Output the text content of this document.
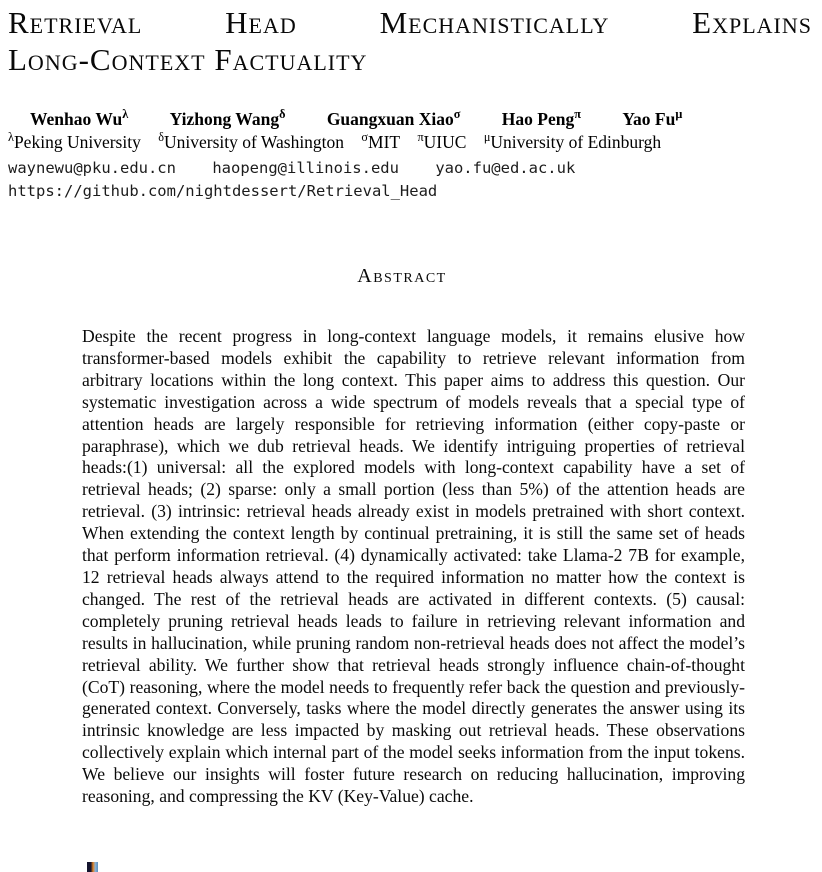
Retrieval Head Mechanistically Explains
Long-Context Factuality
Wenhao $Wu^\lambda$ Yizhong Wang$^\delta$ Guangxuan Xiao$^\sigma$ Hao Peng$^\pi$ Yao $Fu^\mu$
$^\lambda$Peking University $^\delta$University of Washington $^\sigma$MIT $^\pi$UIUC $^\mu$University of Edinburgh
waynewu@pku.edu.cn haopeng@illinois.edu yao.fu@ed.ac.uk
https://github.com/nightdessert/Retrieval_Head
Abstract
Despite the recent progress in long-context language models, it remains elusive how transformer-based models exhibit the capability to retrieve relevant information from arbitrary locations within the long context. This paper aims to address this question. Our systematic investigation across a wide spectrum of models reveals that a special type of attention heads are largely responsible for retrieving information (either copy-paste or paraphrase), which we dub retrieval heads. We identify intriguing properties of retrieval heads:(1) universal: all the explored models with long-context capability have a set of retrieval heads; (2) sparse: only a small portion (less than 5%) of the attention heads are retrieval. (3) intrinsic: retrieval heads already exist in models pretrained with short context. When extending the context length by continual pretraining, it is still the same set of heads that perform information retrieval. (4) dynamically activated: take Llama-2 7B for example, 12 retrieval heads always attend to the required information no matter how the context is changed. The rest of the retrieval heads are activated in different contexts. (5) causal: completely pruning retrieval heads leads to failure in retrieving relevant information and results in hallucination, while pruning random non-retrieval heads does not affect the model’s retrieval ability. We further show that retrieval heads strongly influence chain-of-thought (CoT) reasoning, where the model needs to frequently refer back the question and previously-generated context. Conversely, tasks where the model directly generates the answer using its intrinsic knowledge are less impacted by masking out retrieval heads. These observations collectively explain which internal part of the model seeks information from the input tokens. We believe our insights will foster future research on reducing hallucination, improving reasoning, and compressing the KV (Key-Value) cache.
